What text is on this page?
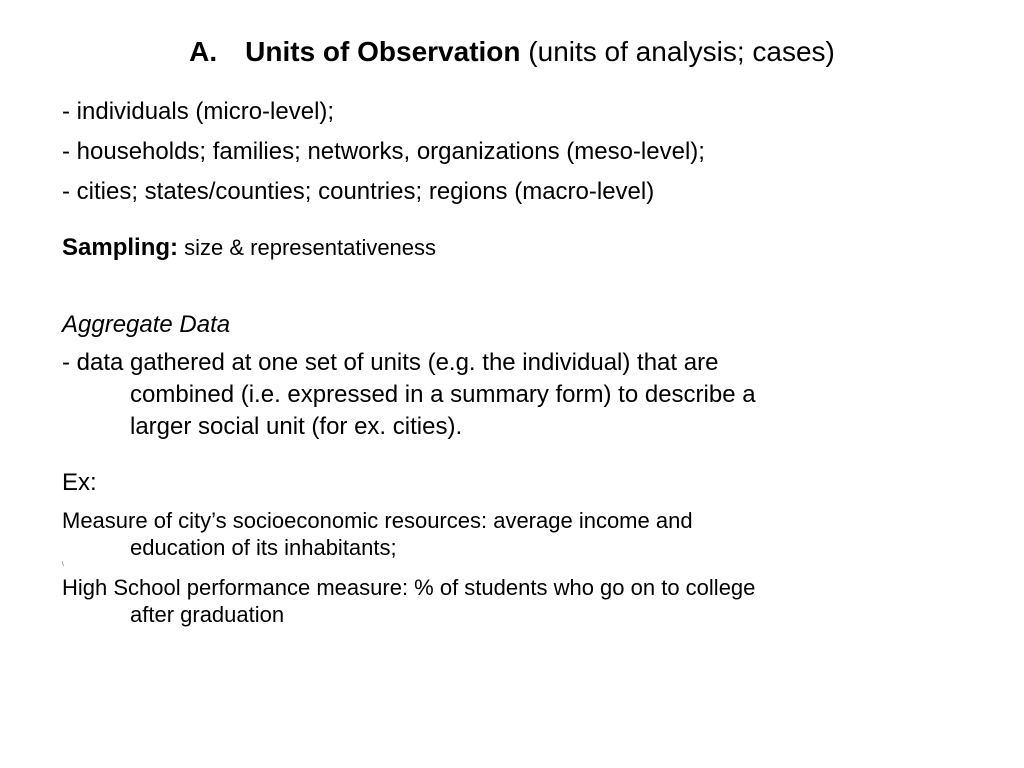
A. Units of Observation (units of analysis; cases)
- individuals (micro-level);
- households; families; networks, organizations (meso-level);
- cities; states/counties; countries; regions (macro-level)
Sampling: size & representativeness
Aggregate Data
- data gathered at one set of units (e.g. the individual) that are
combined (i.e. expressed in a summary form) to describe a
larger social unit (for ex. cities).
Ex:
Measure of city’s socioeconomic resources: average income and
education of its inhabitants;
\
High School performance measure: % of students who go on to college
after graduation
